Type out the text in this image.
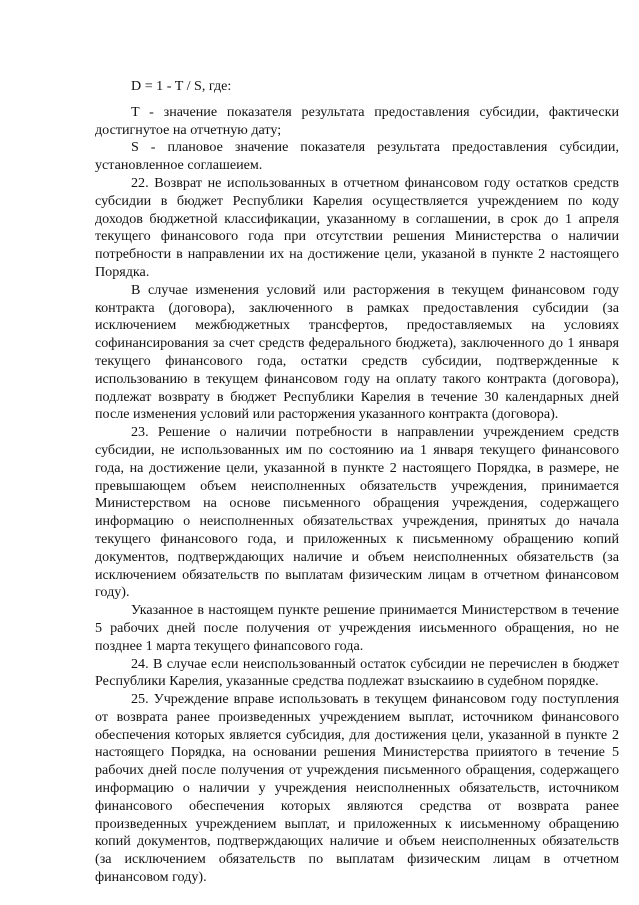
D = 1 - T / S, где:

T - значение показателя результата предоставления субсидии, фактически достигнутое на отчетную дату;

S - плановое значение показателя результата предоставления субсидии, установленное соглашеием.

22. Возврат не использованных в отчетном финансовом году остатков средств субсидии в бюджет Республики Карелия осуществляется учреждением по коду доходов бюджетной классификации, указанному в соглашении, в срок до 1 апреля текущего финансового года при отсутствии решения Министерства о наличии потребности в направлении их на достижение цели, указаной в пункте 2 настоящего Порядка.

В случае изменения условий или расторжения в текущем финансовом году контракта (договора), заключенного в рамках предоставления субсидии (за исключением межбюджетных трансфертов, предоставляемых на условиях софинансирования за счет средств федерального бюджета), заключенного до 1 января текущего финансового года, остатки средств субсидии, подтвержденные к использованию в текущем финансовом году на оплату такого контракта (договора), подлежат возврату в бюджет Республики Карелия в течение 30 календарных дней после изменения условий или расторжения указанного контракта (договора).

23. Решение о наличии потребности в направлении учреждением средств субсидии, не использованных им по состоянию иа 1 января текущего финансового года, на достижение цели, указанной в пункте 2 настоящего Порядка, в размере, не превышающем объем неисполненных обязательств учреждения, принимается Министерством на основе письменного обращения учреждения, содержащего информацию о неисполненных обязательствах учреждения, принятых до начала текущего финансового года, и приложенных к письменному обращению копий документов, подтверждающих наличие и объем неисполненных обязательств (за исключением обязательств по выплатам физическим лицам в отчетном финансовом году).

Указанное в настоящем пункте решение принимается Министерством в течение 5 рабочих дней после получения от учреждения иисьменного обращения, но не позднее 1 марта текущего финапсового года.

24. В случае если неиспользованный остаток субсидии не перечислен в бюджет Республики Карелия, указанные средства подлежат взыскаиию в судебном порядке.

25. Учреждение вправе использовать в текущем финансовом году поступления от возврата ранее произведенных учреждением выплат, источником финансового обеспечения которых является субсидия, для достижения цели, указанной в пункте 2 настоящего Порядка, на основании решения Министерства прииятого в течение 5 рабочих дней после получения от учреждения письменного обращения, содержащего информацию о наличии у учреждения неисполненных обязательств, источником финансового обеспечения которых являются средства от возврата ранее произведенных учреждением выплат, и приложенных к иисьменному обращению копий документов, подтверждающих наличие и объем неисполненных обязательств (за исключением обязательств по выплатам физическим лицам в отчетном финансовом году).
